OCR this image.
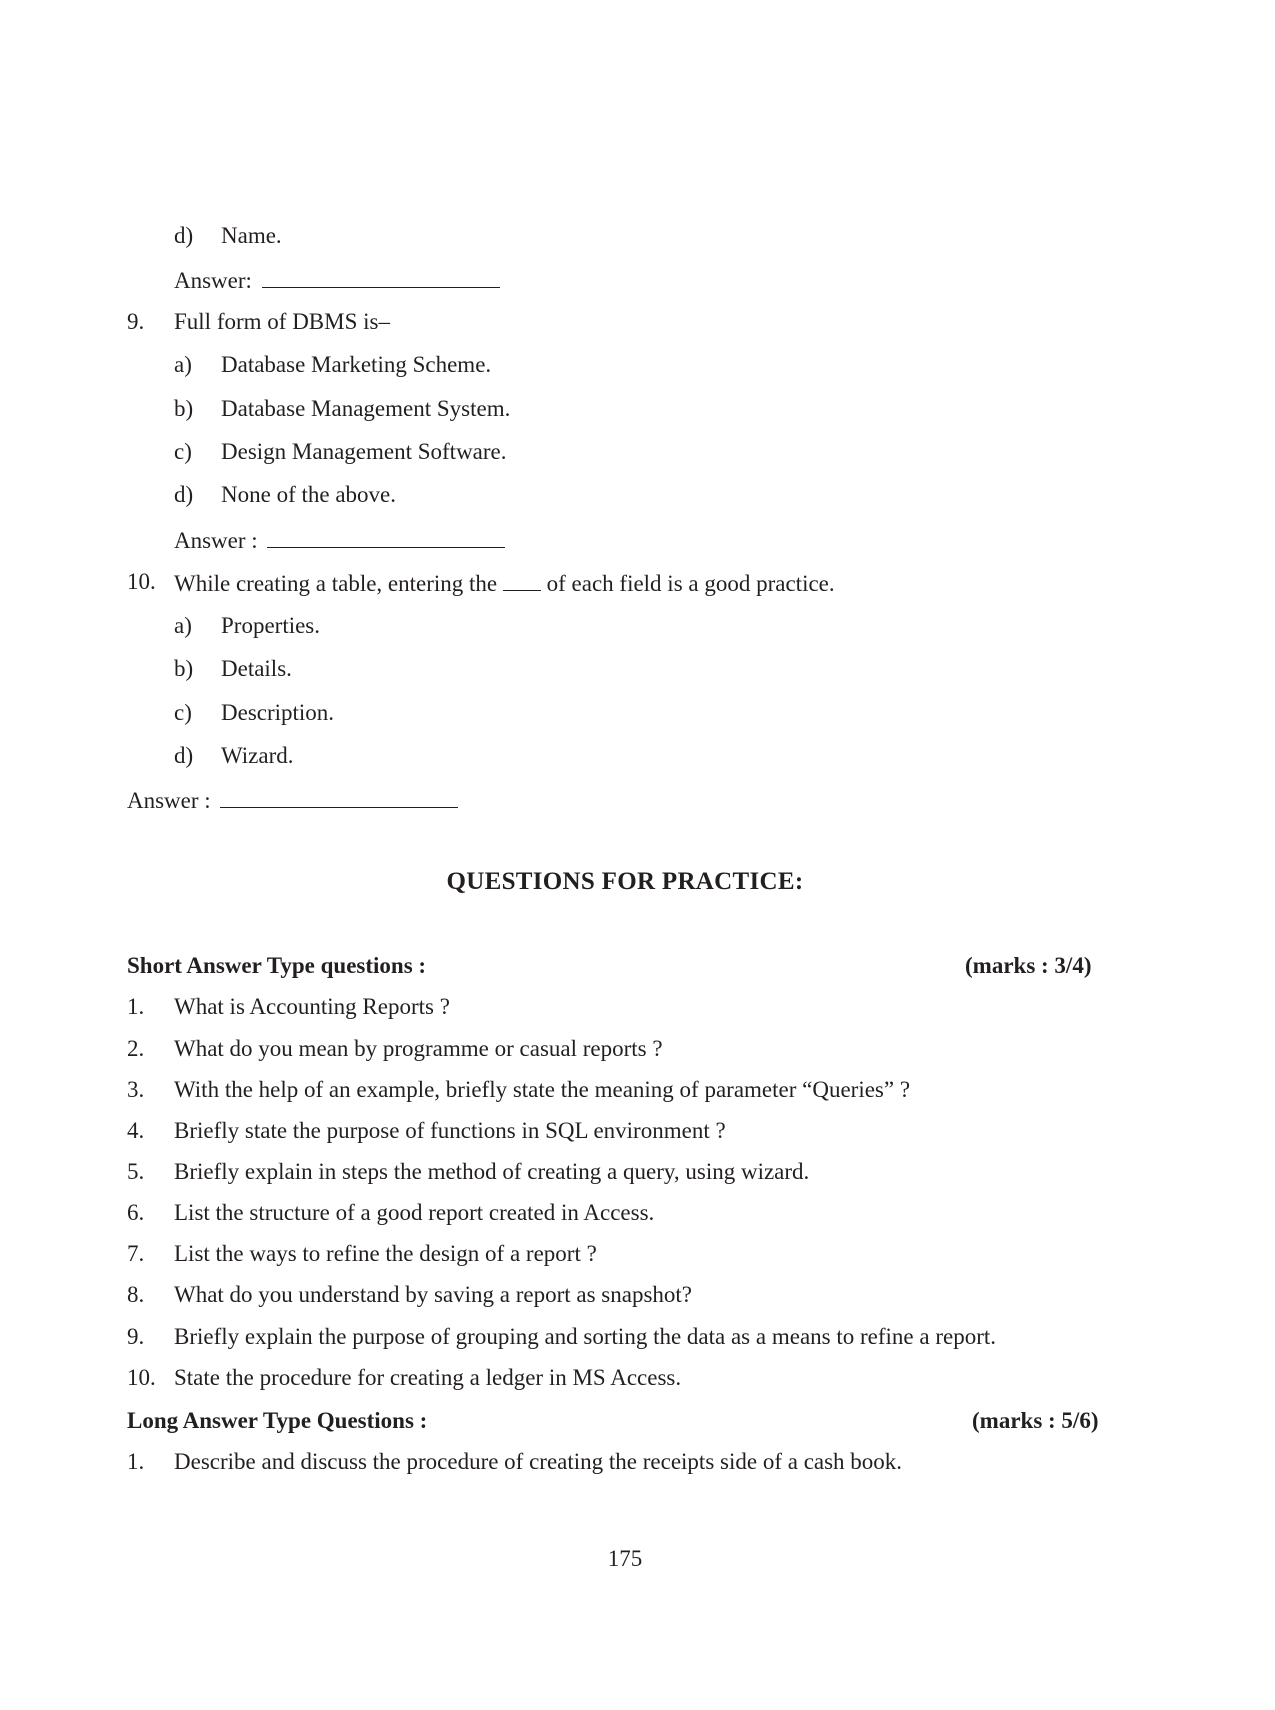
d) Name.
Answer:
9. Full form of DBMS is–
a) Database Marketing Scheme.
b) Database Management System.
c) Design Management Software.
d) None of the above.
Answer :
10. While creating a table, entering the of each field is a good practice.
a) Properties.
b) Details.
c) Description.
d) Wizard.
Answer :
QUESTIONS FOR PRACTICE:
Short Answer Type questions :	(marks : 3/4)
1. What is Accounting Reports ?
2. What do you mean by programme or casual reports ?
3. With the help of an example, briefly state the meaning of parameter “Queries” ?
4. Briefly state the purpose of functions in SQL environment ?
5. Briefly explain in steps the method of creating a query, using wizard.
6. List the structure of a good report created in Access.
7. List the ways to refine the design of a report ?
8. What do you understand by saving a report as snapshot?
9. Briefly explain the purpose of grouping and sorting the data as a means to refine a report.
10. State the procedure for creating a ledger in MS Access.
Long Answer Type Questions :	(marks : 5/6)
1. Describe and discuss the procedure of creating the receipts side of a cash book.
175
